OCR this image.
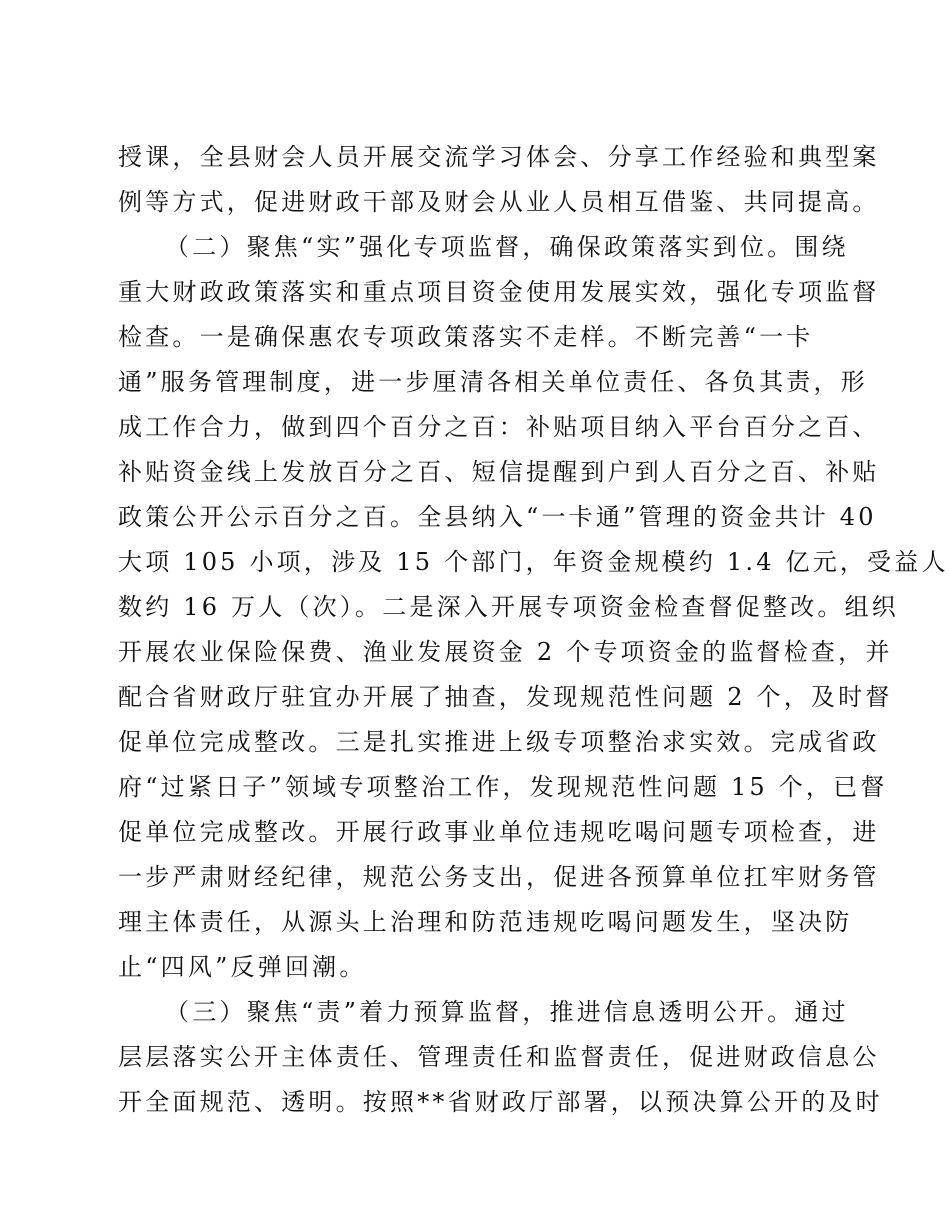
授课，全县财会人员开展交流学习体会、分享工作经验和典型案
例等方式，促进财政干部及财会从业人员相互借鉴、共同提高。
（二）聚焦“实”强化专项监督，确保政策落实到位。围绕
重大财政政策落实和重点项目资金使用发展实效，强化专项监督
检查。一是确保惠农专项政策落实不走样。不断完善“一卡
通”服务管理制度，进一步厘清各相关单位责任、各负其责，形
成工作合力，做到四个百分之百：补贴项目纳入平台百分之百、
补贴资金线上发放百分之百、短信提醒到户到人百分之百、补贴
政策公开公示百分之百。全县纳入“一卡通”管理的资金共计 40
大项 105 小项，涉及 15 个部门，年资金规模约 1.4 亿元，受益人
数约 16 万人（次）。二是深入开展专项资金检查督促整改。组织
开展农业保险保费、渔业发展资金 2 个专项资金的监督检查，并
配合省财政厅驻宜办开展了抽查，发现规范性问题 2 个，及时督
促单位完成整改。三是扎实推进上级专项整治求实效。完成省政
府“过紧日子”领域专项整治工作，发现规范性问题 15 个，已督
促单位完成整改。开展行政事业单位违规吃喝问题专项检查，进
一步严肃财经纪律，规范公务支出，促进各预算单位扛牢财务管
理主体责任，从源头上治理和防范违规吃喝问题发生，坚决防
止“四风”反弹回潮。
（三）聚焦“责”着力预算监督，推进信息透明公开。通过
层层落实公开主体责任、管理责任和监督责任，促进财政信息公
开全面规范、透明。按照**省财政厅部署，以预决算公开的及时
